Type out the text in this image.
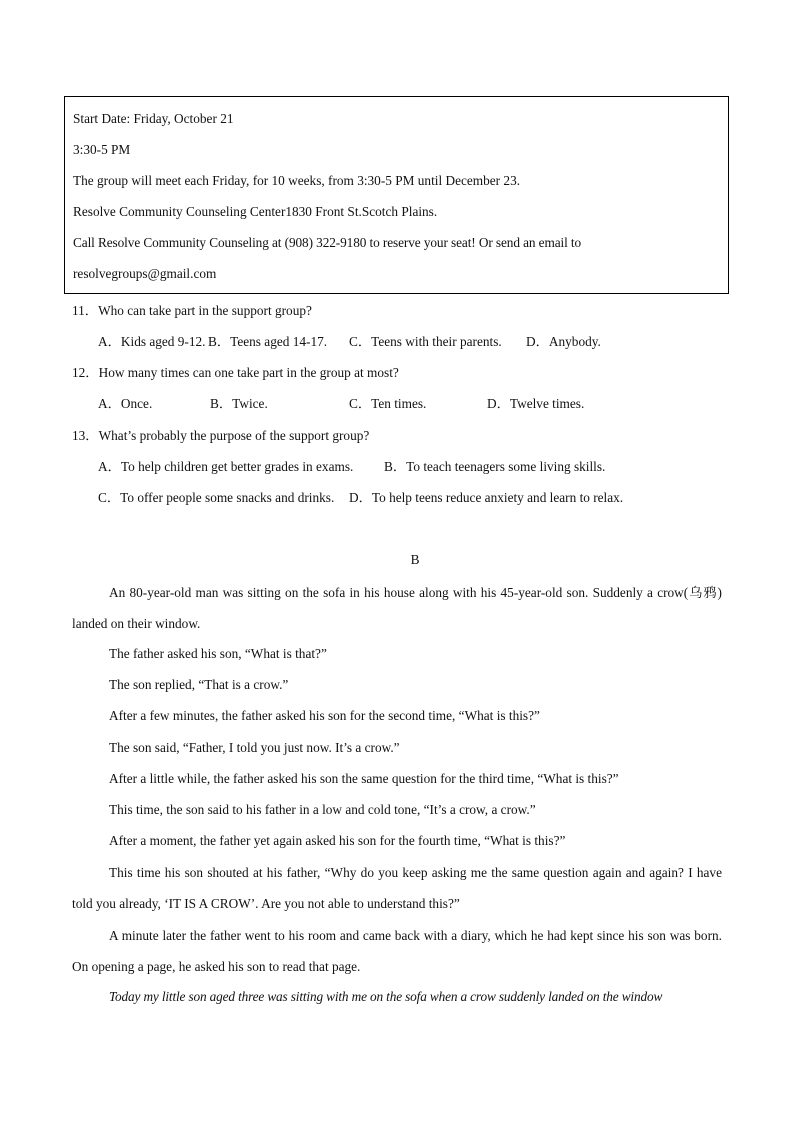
Start Date: Friday, October 21
3:30-5 PM
The group will meet each Friday, for 10 weeks, from 3:30-5 PM until December 23.
Resolve Community Counseling Center1830 Front St.Scotch Plains.
Call Resolve Community Counseling at (908) 322-9180 to reserve your seat! Or send an email to
resolvegroups@gmail.com
11．Who can take part in the support group?
A．Kids aged 9-12. B．Teens aged 14-17. C．Teens with their parents. D．Anybody.
12．How many times can one take part in the group at most?
A．Once.	B．Twice.	C．Ten times.	D．Twelve times.
13．What’s probably the purpose of the support group?
A．To help children get better grades in exams. B．To teach teenagers some living skills.
C．To offer people some snacks and drinks. D．To help teens reduce anxiety and learn to relax.
B
An 80-year-old man was sitting on the sofa in his house along with his 45-year-old son. Suddenly a crow(乌鸦) landed on their window.
The father asked his son, “What is that?”
The son replied, “That is a crow.”
After a few minutes, the father asked his son for the second time, “What is this?”
The son said, “Father, I told you just now. It’s a crow.”
After a little while, the father asked his son the same question for the third time, “What is this?”
This time, the son said to his father in a low and cold tone, “It’s a crow, a crow.”
After a moment, the father yet again asked his son for the fourth time, “What is this?”
This time his son shouted at his father, “Why do you keep asking me the same question again and again? I have told you already, ‘IT IS A CROW’. Are you not able to understand this?”
A minute later the father went to his room and came back with a diary, which he had kept since his son was born. On opening a page, he asked his son to read that page.
Today my little son aged three was sitting with me on the sofa when a crow suddenly landed on the window
